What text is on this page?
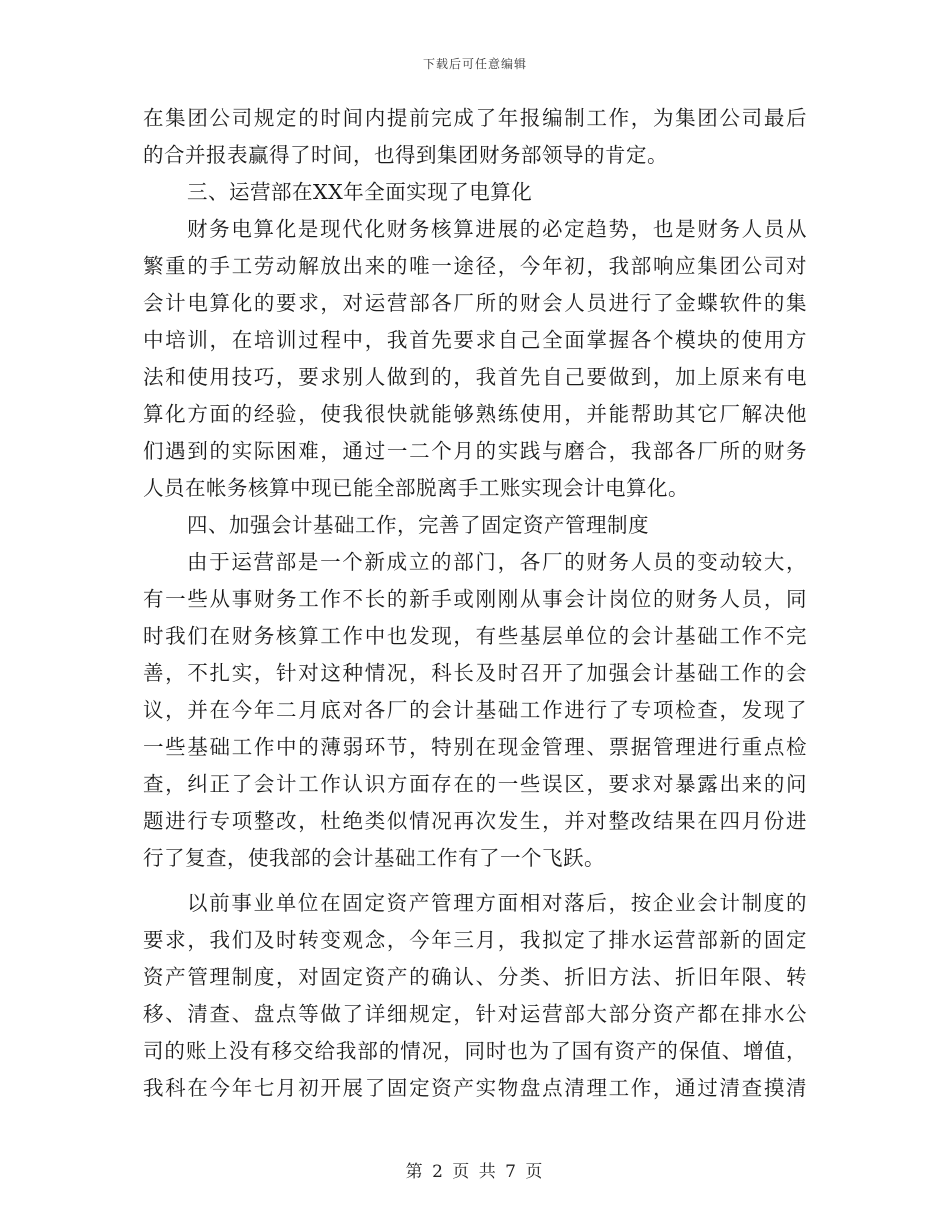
下载后可任意编辑
在集团公司规定的时间内提前完成了年报编制工作，为集团公司最后
的合并报表赢得了时间，也得到集团财务部领导的肯定。
三、运营部在XX年全面实现了电算化
财务电算化是现代化财务核算进展的必定趋势，也是财务人员从
繁重的手工劳动解放出来的唯一途径，今年初，我部响应集团公司对
会计电算化的要求，对运营部各厂所的财会人员进行了金蝶软件的集
中培训，在培训过程中，我首先要求自己全面掌握各个模块的使用方
法和使用技巧，要求别人做到的，我首先自己要做到，加上原来有电
算化方面的经验，使我很快就能够熟练使用，并能帮助其它厂解决他
们遇到的实际困难，通过一二个月的实践与磨合，我部各厂所的财务
人员在帐务核算中现已能全部脱离手工账实现会计电算化。
四、加强会计基础工作，完善了固定资产管理制度
由于运营部是一个新成立的部门，各厂的财务人员的变动较大，
有一些从事财务工作不长的新手或刚刚从事会计岗位的财务人员，同
时我们在财务核算工作中也发现，有些基层单位的会计基础工作不完
善，不扎实，针对这种情况，科长及时召开了加强会计基础工作的会
议，并在今年二月底对各厂的会计基础工作进行了专项检查，发现了
一些基础工作中的薄弱环节，特别在现金管理、票据管理进行重点检
查，纠正了会计工作认识方面存在的一些误区，要求对暴露出来的问
题进行专项整改，杜绝类似情况再次发生，并对整改结果在四月份进
行了复查，使我部的会计基础工作有了一个飞跃。
以前事业单位在固定资产管理方面相对落后，按企业会计制度的
要求，我们及时转变观念，今年三月，我拟定了排水运营部新的固定
资产管理制度，对固定资产的确认、分类、折旧方法、折旧年限、转
移、清查、盘点等做了详细规定，针对运营部大部分资产都在排水公
司的账上没有移交给我部的情况，同时也为了国有资产的保值、增值，
我科在今年七月初开展了固定资产实物盘点清理工作，通过清查摸清
第 2 页 共 7 页
